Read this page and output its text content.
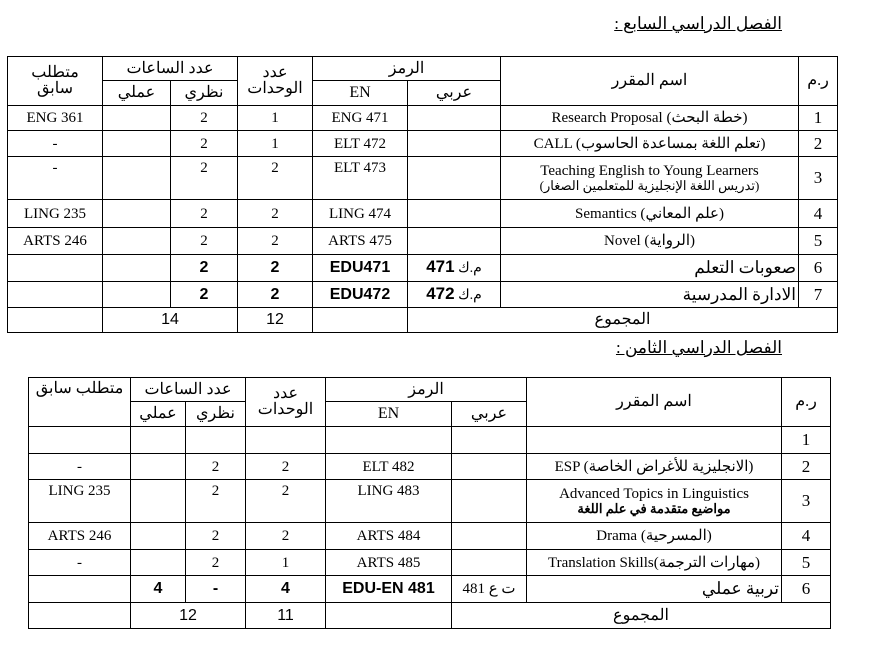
الفصل الدراسي السابع :
متطلب
سابق	عدد الساعات		عدد
الوحدات	الرمز		اسم المقرر	ر.م
	عملي	نظري		EN	عربي		
ENG 361		2	1	ENG 471		Research Proposal (خطة البحث)	1
-		2	1	ELT 472		CALL (تعلم اللغة بمساعدة الحاسوب)	2
-		2	2	ELT 473		Teaching English to Young Learners
(تدريس اللغة الإنجليزية للمتعلمين الصغار)	3
LING 235		2	2	LING 474		Semantics (علم المعاني)	4
ARTS 246		2	2	ARTS 475		Novel (الرواية)	5
		2	2	EDU471	م.ك 471	صعوبات التعلم	6
		2	2	EDU472	م.ك 472	الادارة المدرسية	7
	14		12		المجموع		
الفصل الدراسي الثامن :
متطلب سابق	عدد الساعات		عدد
الوحدات	الرمز		اسم المقرر	ر.م
	عملي	نظري		EN	عربي		
							1
-		2	2	ELT 482		ESP (الانجليزية للأغراض الخاصة)	2
LING 235		2	2	LING 483		Advanced Topics in Linguistics
مواضيع متقدمة في علم اللغة	3
ARTS 246		2	2	ARTS 484		Drama (المسرحية)	4
-		2	1	ARTS 485		Translation Skills(مهارات الترجمة)	5
	4	-	4	EDU-EN 481	ت ع 481	تربية عملي	6
	12		11		المجموع		
